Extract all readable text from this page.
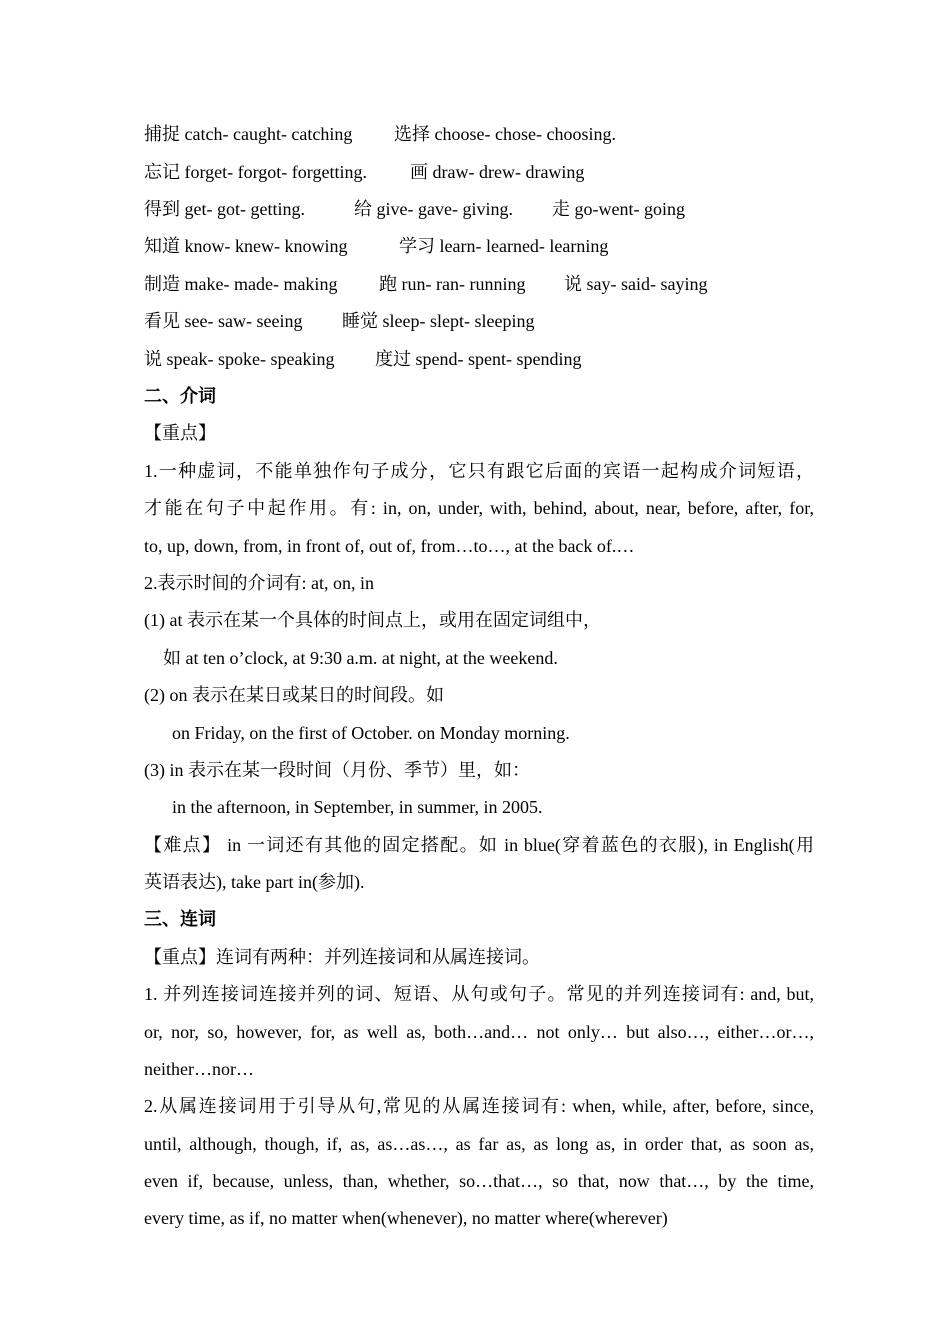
捕捉 catch- caught- catching 选择 choose- chose- choosing.
忘记 forget- forgot- forgetting. 画 draw- drew- drawing
得到 get- got- getting.	给 give- gave- giving. 走 go-went- going
知道 know- knew- knowing	学习 learn- learned- learning
制造 make- made- making 跑 run- ran- running 说 say- said- saying
看见 see- saw- seeing 睡觉 sleep- slept- sleeping
说 speak- spoke- speaking 度过 spend- spent- spending
二、介词
【重点】
1.一种虚词，不能单独作句子成分，它只有跟它后面的宾语一起构成介词短语，
才能在句子中起作用。有: in, on, under, with, behind, about, near, before, after, for,
to, up, down, from, in front of, out of, from…to…, at the back of.…
2.表示时间的介词有: at, on, in
(1) at 表示在某一个具体的时间点上，或用在固定词组中，
如 at ten o’clock, at 9:30 a.m. at night, at the weekend.
(2) on 表示在某日或某日的时间段。如
on Friday, on the first of October. on Monday morning.
(3) in 表示在某一段时间（月份、季节）里，如：
in the afternoon, in September, in summer, in 2005.
【难点】 in 一词还有其他的固定搭配。如 in blue(穿着蓝色的衣服), in English(用
英语表达), take part in(参加).
三、连词
【重点】连词有两种：并列连接词和从属连接词。
1. 并列连接词连接并列的词、短语、从句或句子。常见的并列连接词有: and, but,
or, nor, so, however, for, as well as, both…and… not only… but also…, either…or…,
neither…nor…
2.从属连接词用于引导从句,常见的从属连接词有: when, while, after, before, since,
until, although, though, if, as, as…as…, as far as, as long as, in order that, as soon as,
even if, because, unless, than, whether, so…that…, so that, now that…, by the time,
every time, as if, no matter when(whenever), no matter where(wherever)
